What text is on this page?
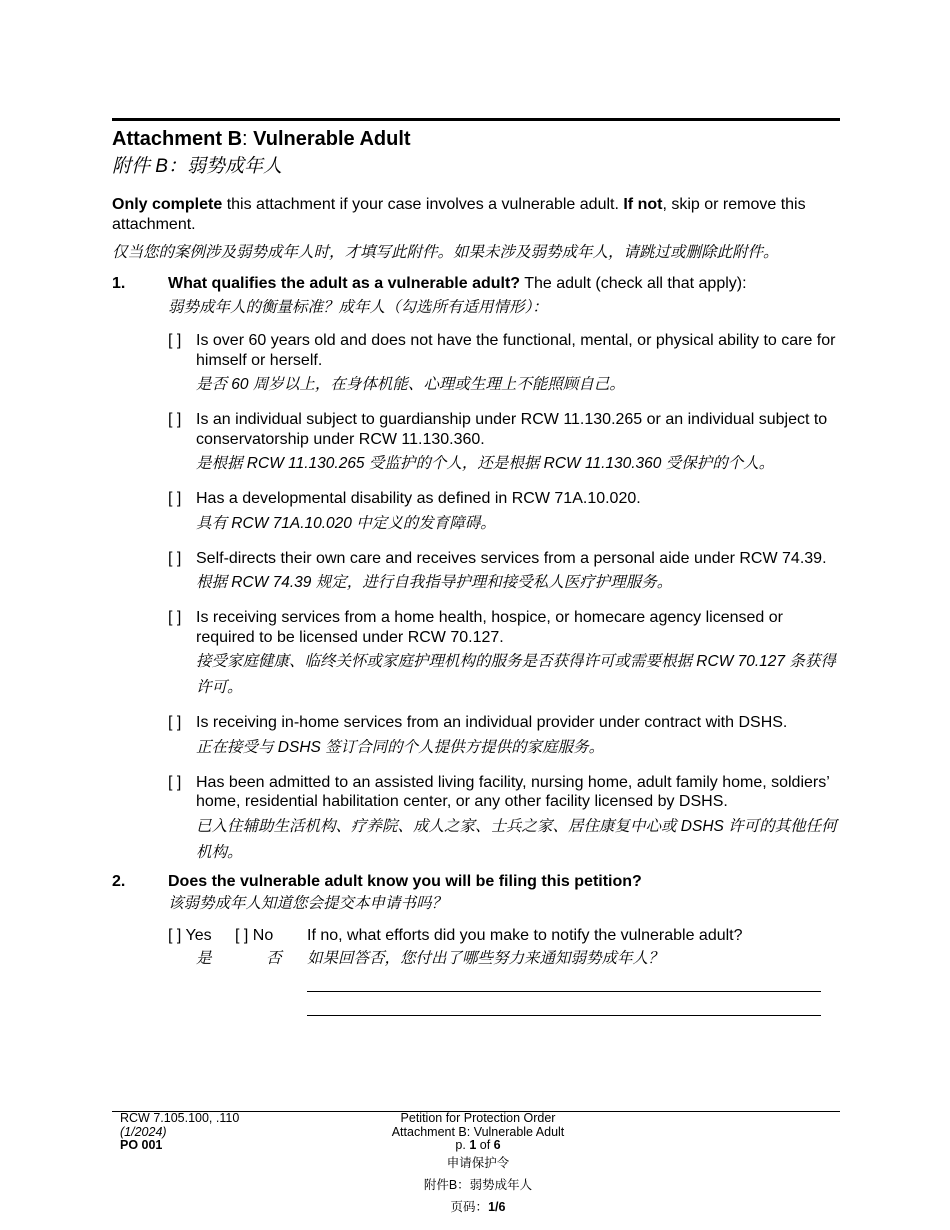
Attachment B: Vulnerable Adult
附件 B：弱势成年人
Only complete this attachment if your case involves a vulnerable adult. If not, skip or remove this attachment.
仅当您的案例涉及弱势成年人时，才填写此附件。如果未涉及弱势成年人，请跳过或删除此附件。
1.	What qualifies the adult as a vulnerable adult? The adult (check all that apply):
弱势成年人的衡量标准？成年人（勾选所有适用情形）：
[ ] Is over 60 years old and does not have the functional, mental, or physical ability to care for himself or herself.
是否 60 周岁以上，在身体机能、心理或生理上不能照顾自己。
[ ] Is an individual subject to guardianship under RCW 11.130.265 or an individual subject to conservatorship under RCW 11.130.360.
是根据 RCW 11.130.265 受监护的个人，还是根据 RCW 11.130.360 受保护的个人。
[ ] Has a developmental disability as defined in RCW 71A.10.020.
具有 RCW 71A.10.020 中定义的发育障碍。
[ ] Self-directs their own care and receives services from a personal aide under RCW 74.39.
根据 RCW 74.39 规定，进行自我指导护理和接受私人医疗护理服务。
[ ] Is receiving services from a home health, hospice, or homecare agency licensed or required to be licensed under RCW 70.127.
接受家庭健康、临终关怀或家庭护理机构的服务是否获得许可或需要根据 RCW 70.127 条获得许可。
[ ] Is receiving in-home services from an individual provider under contract with DSHS.
正在接受与 DSHS 签订合同的个人提供方提供的家庭服务。
[ ] Has been admitted to an assisted living facility, nursing home, adult family home, soldiers’ home, residential habilitation center, or any other facility licensed by DSHS.
已入住辅助生活机构、疗养院、成人之家、士兵之家、居住康复中心或 DSHS 许可的其他任何机构。
2.	Does the vulnerable adult know you will be filing this petition?
该弱势成年人知道您会提交本申请书吗？
[ ] Yes [ ] No If no, what efforts did you make to notify the vulnerable adult?
是	否 如果回答否，您付出了哪些努力来通知弱势成年人？
RCW 7.105.100, .110
(1/2024)
PO 001
Petition for Protection Order
Attachment B: Vulnerable Adult
p. 1 of 6
申请保护令
附件B：弱势成年人
页码：1/6
